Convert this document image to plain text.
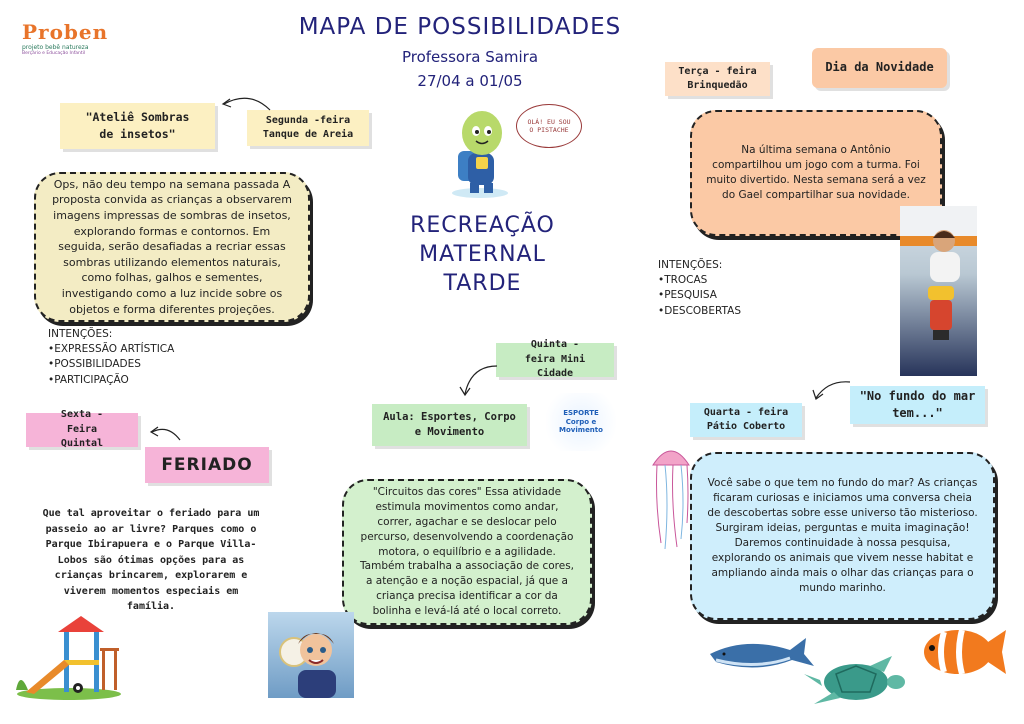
Proben
projeto bebê natureza
Berçário e Educação Infantil
MAPA DE POSSIBILIDADES
Professora Samira
27/04 a 01/05
OLÁ! EU SOU O PISTACHE
RECREAÇÃO
MATERNAL
TARDE
"Ateliê Sombras de insetos"
Segunda -feira Tanque de Areia
Ops, não deu tempo na semana passada A proposta convida as crianças a observarem imagens impressas de sombras de insetos, explorando formas e contornos. Em seguida, serão desafiadas a recriar essas sombras utilizando elementos naturais, como folhas, galhos e sementes, investigando como a luz incide sobre os objetos e forma diferentes projeções.
INTENÇÕES:
•EXPRESSÃO ARTÍSTICA
•POSSIBILIDADES
•PARTICIPAÇÃO
Terça - feira Brinquedão
Dia da Novidade
Na última semana o Antônio compartilhou um jogo com a turma. Foi muito divertido. Nesta semana será a vez do Gael compartilhar sua novidade.
INTENÇÕES:
•TROCAS
•PESQUISA
•DESCOBERTAS
"No fundo do mar tem..."
Quarta - feira Pátio Coberto
Você sabe o que tem no fundo do mar? As crianças ficaram curiosas e iniciamos uma conversa cheia de descobertas sobre esse universo tão misterioso. Surgiram ideias, perguntas e muita imaginação! Daremos continuidade à nossa pesquisa, explorando os animais que vivem nesse habitat e ampliando ainda mais o olhar das crianças para o mundo marinho.
Quinta - feira Mini Cidade
Aula: Esportes, Corpo e Movimento
ESPORTE Corpo e Movimento
"Circuitos das cores" Essa atividade estimula movimentos como andar, correr, agachar e se deslocar pelo percurso, desenvolvendo a coordenação motora, o equilíbrio e a agilidade. Também trabalha a associação de cores, a atenção e a noção espacial, já que a criança precisa identificar a cor da bolinha e levá-lá até o local correto.
Sexta - Feira Quintal
FERIADO
Que tal aproveitar o feriado para um passeio ao ar livre? Parques como o Parque Ibirapuera e o Parque Villa-Lobos são ótimas opções para as crianças brincarem, explorarem e viverem momentos especiais em família.
